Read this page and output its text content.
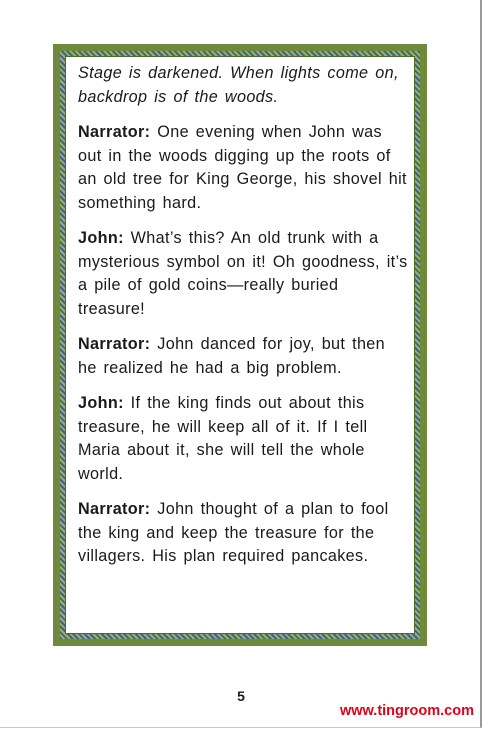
Stage is darkened. When lights come on, backdrop is of the woods.

Narrator: One evening when John was out in the woods digging up the roots of an old tree for King George, his shovel hit something hard.

John: What’s this? An old trunk with a mysterious symbol on it! Oh goodness, it’s a pile of gold coins—really buried treasure!

Narrator: John danced for joy, but then he realized he had a big problem.

John: If the king finds out about this treasure, he will keep all of it. If I tell Maria about it, she will tell the whole world.

Narrator: John thought of a plan to fool the king and keep the treasure for the villagers. His plan required pancakes.

5
www.tingroom.com
